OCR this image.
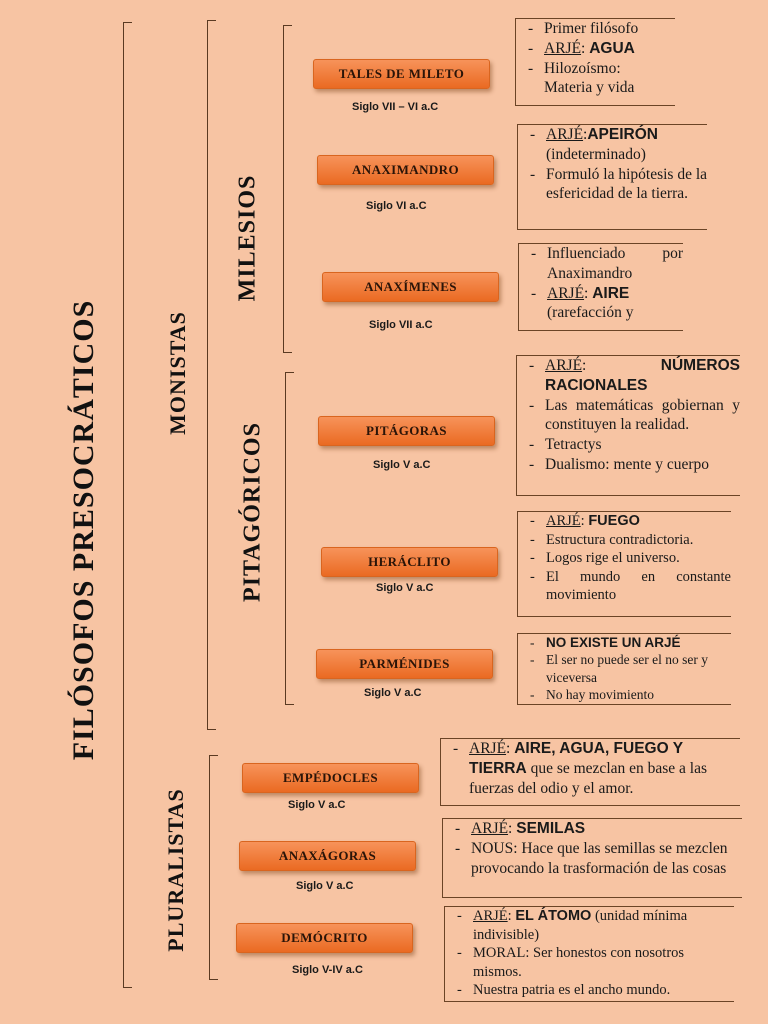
FILÓSOFOS PRESOCRÁTICOS	MONISTAS
PLURALISTAS
MILESIOS
PITAGÓRICOS
TALES DE MILETO
ANAXIMANDRO
ANAXÍMENES
PITÁGORAS
HERÁCLITO
PARMÉNIDES
EMPÉDOCLES
ANAXÁGORAS
DEMÓCRITO
Siglo VII – VI a.C
Siglo VI a.C
Siglo VII a.C
Siglo V a.C
Siglo V a.C
Siglo V a.C
Siglo V a.C
Siglo V a.C
Siglo V-IV a.C
- Primer filósofo
- ARJÉ: AGUA
- Hilozoísmo:
Materia y vida
- ARJÉ:APEIRÓN
(indeterminado)
- Formuló la hipótesis de la esfericidad de la tierra.
- Influenciado por Anaximandro
- ARJÉ: AIRE
(rarefacción y
- ARJÉ: NÚMEROS RACIONALES
- Las matemáticas gobiernan y constituyen la realidad.
- Tetractys
- Dualismo: mente y cuerpo
- ARJÉ: FUEGO
- Estructura contradictoria.
- Logos rige el universo.
- El mundo en constante movimiento
- NO EXISTE UN ARJÉ
- El ser no puede ser el no ser y viceversa
- No hay movimiento
- ARJÉ: AIRE, AGUA, FUEGO Y TIERRA que se mezclan en base a las fuerzas del odio y el amor.
- ARJÉ: SEMILAS
- NOUS: Hace que las semillas se mezclen provocando la trasformación de las cosas
- ARJÉ: EL ÁTOMO (unidad mínima indivisible)
- MORAL: Ser honestos con nosotros mismos.
- Nuestra patria es el ancho mundo.
